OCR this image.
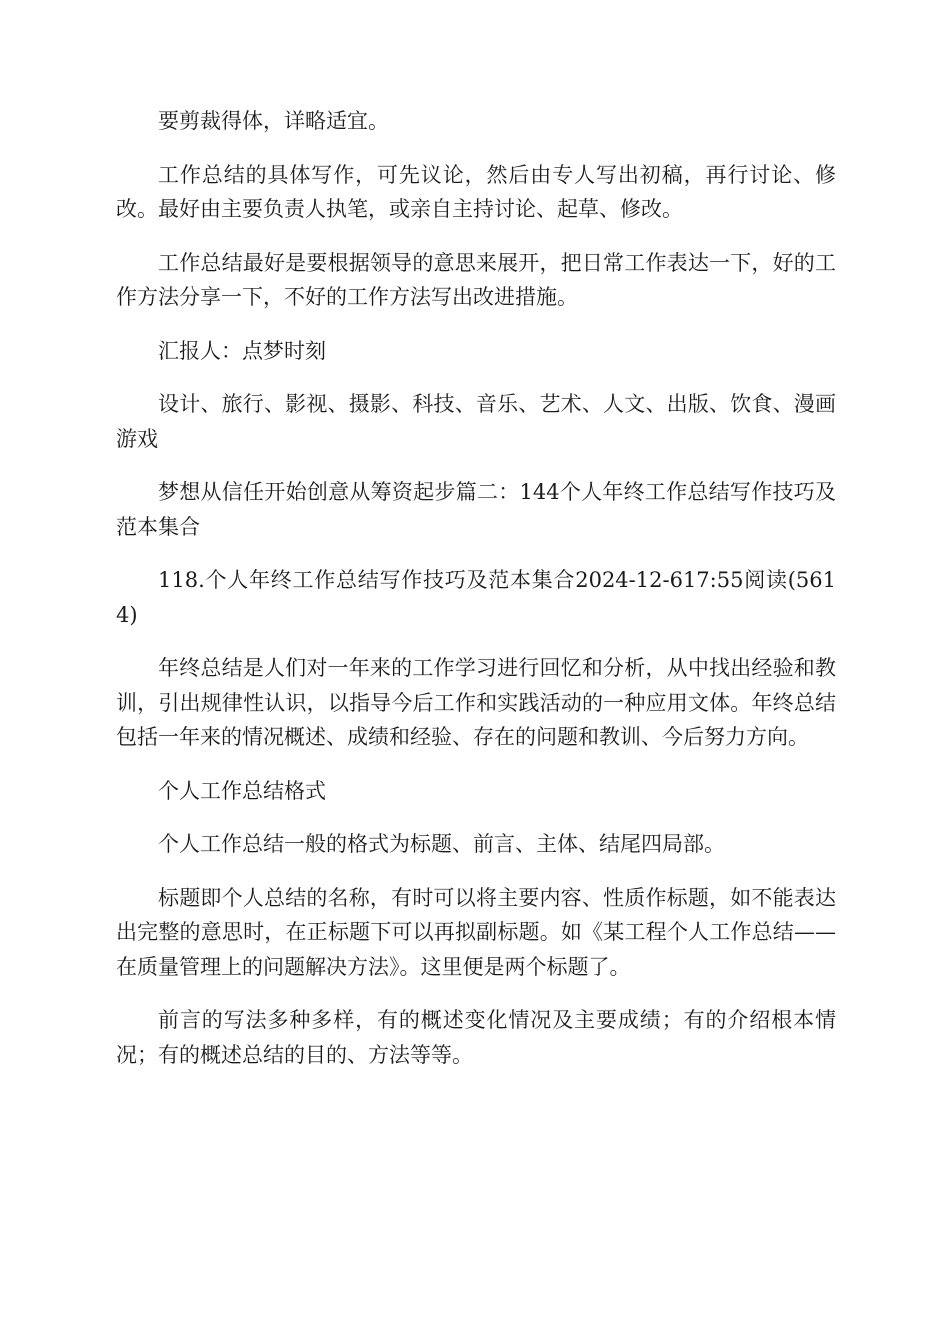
要剪裁得体，详略适宜。

工作总结的具体写作，可先议论，然后由专人写出初稿，再行讨论、修改。最好由主要负责人执笔，或亲自主持讨论、起草、修改。

工作总结最好是要根据领导的意思来展开，把日常工作表达一下，好的工作方法分享一下，不好的工作方法写出改进措施。

汇报人：点梦时刻

设计、旅行、影视、摄影、科技、音乐、艺术、人文、出版、饮食、漫画游戏

梦想从信任开始创意从筹资起步篇二：144个人年终工作总结写作技巧及范本集合

118.个人年终工作总结写作技巧及范本集合2024-12-617:55阅读(5614)

年终总结是人们对一年来的工作学习进行回忆和分析，从中找出经验和教训，引出规律性认识，以指导今后工作和实践活动的一种应用文体。年终总结包括一年来的情况概述、成绩和经验、存在的问题和教训、今后努力方向。

个人工作总结格式

个人工作总结一般的格式为标题、前言、主体、结尾四局部。

标题即个人总结的名称，有时可以将主要内容、性质作标题，如不能表达出完整的意思时，在正标题下可以再拟副标题。如《某工程个人工作总结——在质量管理上的问题解决方法》。这里便是两个标题了。

前言的写法多种多样，有的概述变化情况及主要成绩；有的介绍根本情况；有的概述总结的目的、方法等等。
